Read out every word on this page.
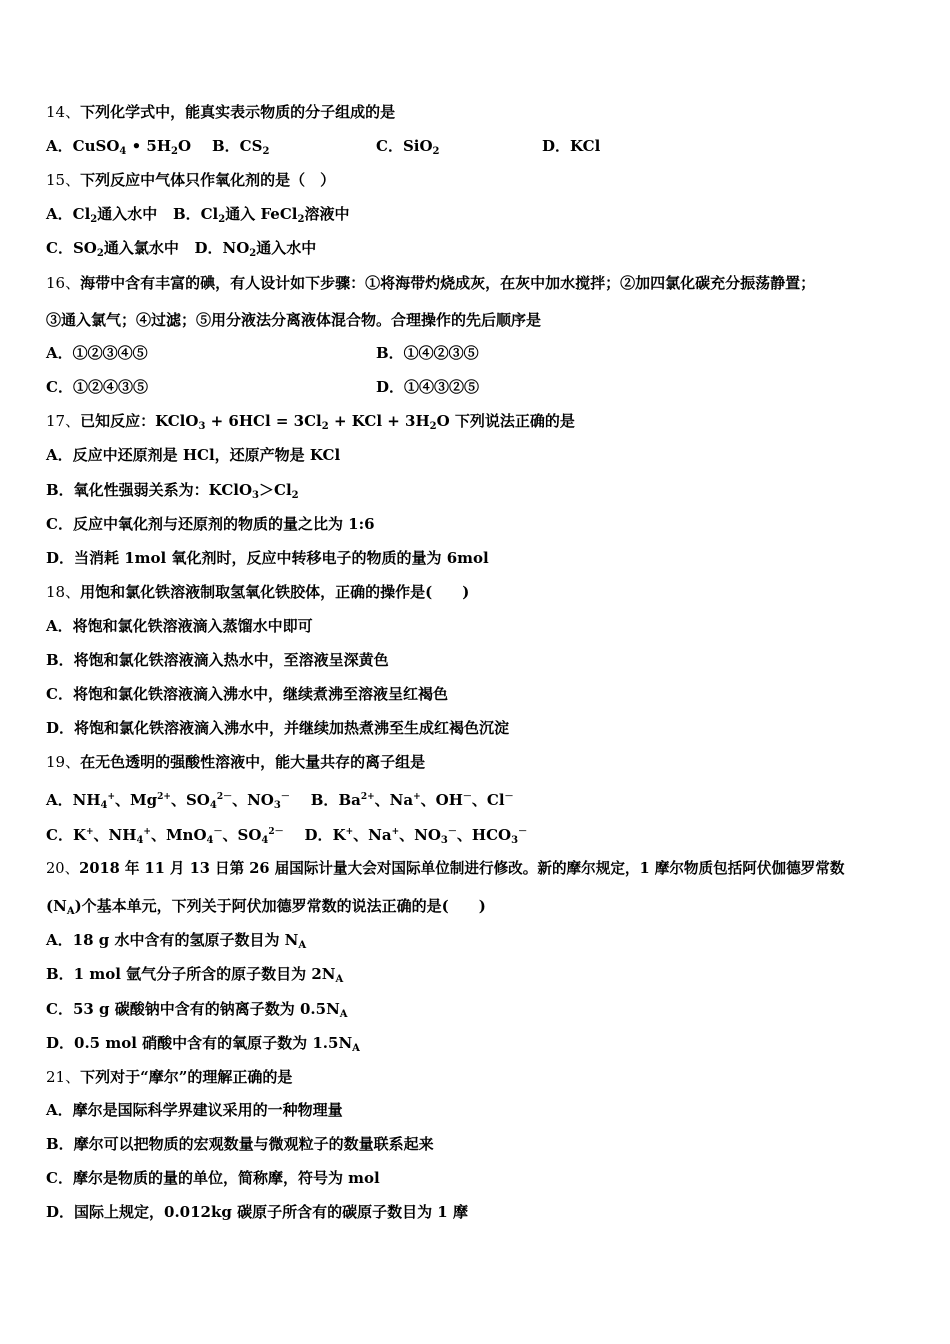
14、下列化学式中，能真实表示物质的分子组成的是
A．CuSO$_4$ • $5H_2O$ B．$CS_2$	C．SiO$_2$	D．KCl
15、下列反应中气体只作氧化剂的是（　）
A．$Cl_2$通入水中 B．$Cl_2$通入 FeCl$_2$溶液中
C．$SO_2$通入氯水中 D．$NO_2$通入水中
16、海带中含有丰富的碘，有人设计如下步骤：①将海带灼烧成灰，在灰中加水搅拌；②加四氯化碳充分振荡静置；
③通入氯气；④过滤；⑤用分液法分离液体混合物。合理操作的先后顺序是
A．①②③④⑤	B．①④②③⑤
C．①②④③⑤	D．①④③②⑤
17、已知反应：KClO$_3$ + $6HCl = 3Cl_2$ + KCl + $3H_2O$ 下列说法正确的是
A．反应中还原剂是 HCl，还原产物是 KCl
B．氧化性强弱关系为：$KClO_3>Cl_2$
C．反应中氧化剂与还原剂的物质的量之比为 1:6
D．当消耗 1mol 氧化剂时，反应中转移电子的物质的量为 6mol
18、用饱和氯化铁溶液制取氢氧化铁胶体，正确的操作是(　　)
A．将饱和氯化铁溶液滴入蒸馏水中即可
B．将饱和氯化铁溶液滴入热水中，至溶液呈深黄色
C．将饱和氯化铁溶液滴入沸水中，继续煮沸至溶液呈红褐色
D．将饱和氯化铁溶液滴入沸水中，并继续加热煮沸至生成红褐色沉淀
19、在无色透明的强酸性溶液中，能大量共存的离子组是
A．$NH_4^+$、$Mg^{2+}$、$SO_4^{2-}$、$NO_3^-$ B．$Ba^{2+}$、Na+、OH－、Cl－
C．K+、$NH_4^+$、MnO$_4$－、$SO_4^{2-}$ D．K+、Na+、$NO_3^-$、$HCO_3^-$
20、2018 年 11 月 13 日第 26 届国际计量大会对国际单位制进行修改。新的摩尔规定，1 摩尔物质包括阿伏伽德罗常数
$(N_A)$个基本单元，下列关于阿伏加德罗常数的说法正确的是(　　)
A．18 g 水中含有的氢原子数目为 $N_A$
B．1 mol 氩气分子所含的原子数目为 $2N_A$
C．53 g 碳酸钠中含有的钠离子数为 $0.5N_A$
D．0.5 mol 硝酸中含有的氧原子数为 $1.5N_A$
21、下列对于“摩尔”的理解正确的是
A．摩尔是国际科学界建议采用的一种物理量
B．摩尔可以把物质的宏观数量与微观粒子的数量联系起来
C．摩尔是物质的量的单位，简称摩，符号为 mol
D．国际上规定，0.012kg 碳原子所含有的碳原子数目为 1 摩
